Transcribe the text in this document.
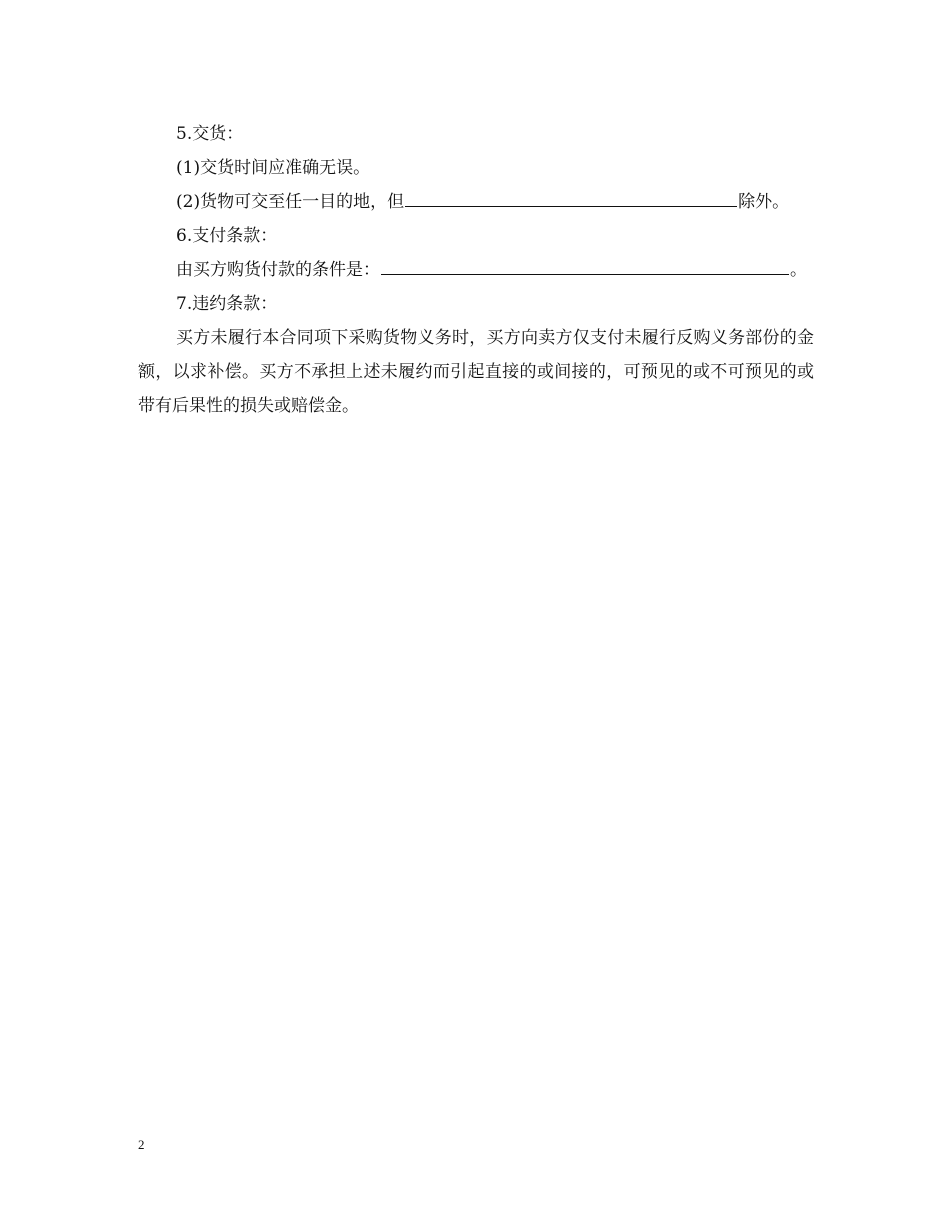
5.交货：
(1)交货时间应准确无误。
(2)货物可交至任一目的地，但	除外。
6.支付条款：
由买方购货付款的条件是：	。
7.违约条款：
买方未履行本合同项下采购货物义务时，买方向卖方仅支付未履行反购义务部份的金额，以求补偿。买方不承担上述未履约而引起直接的或间接的，可预见的或不可预见的或带有后果性的损失或赔偿金。
2
